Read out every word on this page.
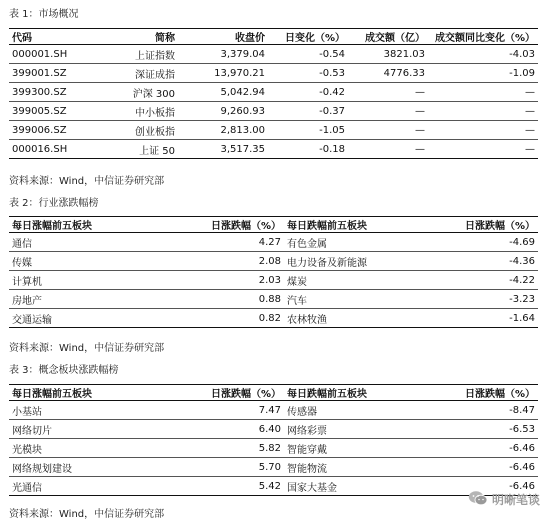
表 1：市场概况
代码	简称	收盘价	日变化（%）	成交额（亿） 成交额同比变化（%）
000001.SH	上证指数	3,379.04	-0.54	3821.03	-4.03
399001.SZ	深证成指	13,970.21	-0.53	4776.33	-1.09
399300.SZ	沪深 300	5,042.94	-0.42	—	—
399005.SZ	中小板指	9,260.93	-0.37	—	—
399006.SZ	创业板指	2,813.00	-1.05	—	—
000016.SH	上证 50	3,517.35	-0.18	—	—
资料来源：Wind，中信证券研究部
表 2：行业涨跌幅榜
每日涨幅前五板块	日涨跌幅（%） 每日跌幅前五板块	日涨跌幅（%）
通信	4.27 有色金属	-4.69
传媒	2.08 电力设备及新能源	-4.36
计算机	2.03 煤炭	-4.22
房地产	0.88 汽车	-3.23
交通运输	0.82 农林牧渔	-1.64
资料来源：Wind，中信证券研究部
表 3：概念板块涨跌幅榜
每日涨幅前五板块	日涨跌幅（%） 每日跌幅前五板块	日涨跌幅（%）
小基站	7.47 传感器	-8.47
网络切片	6.40 网络彩票	-6.53
光模块	5.82 智能穿戴	-6.46
网络规划建设	5.70 智能物流	-6.46
光通信	5.42 国家大基金	-6.46
资料来源：Wind，中信证券研究部
明晰笔谈
